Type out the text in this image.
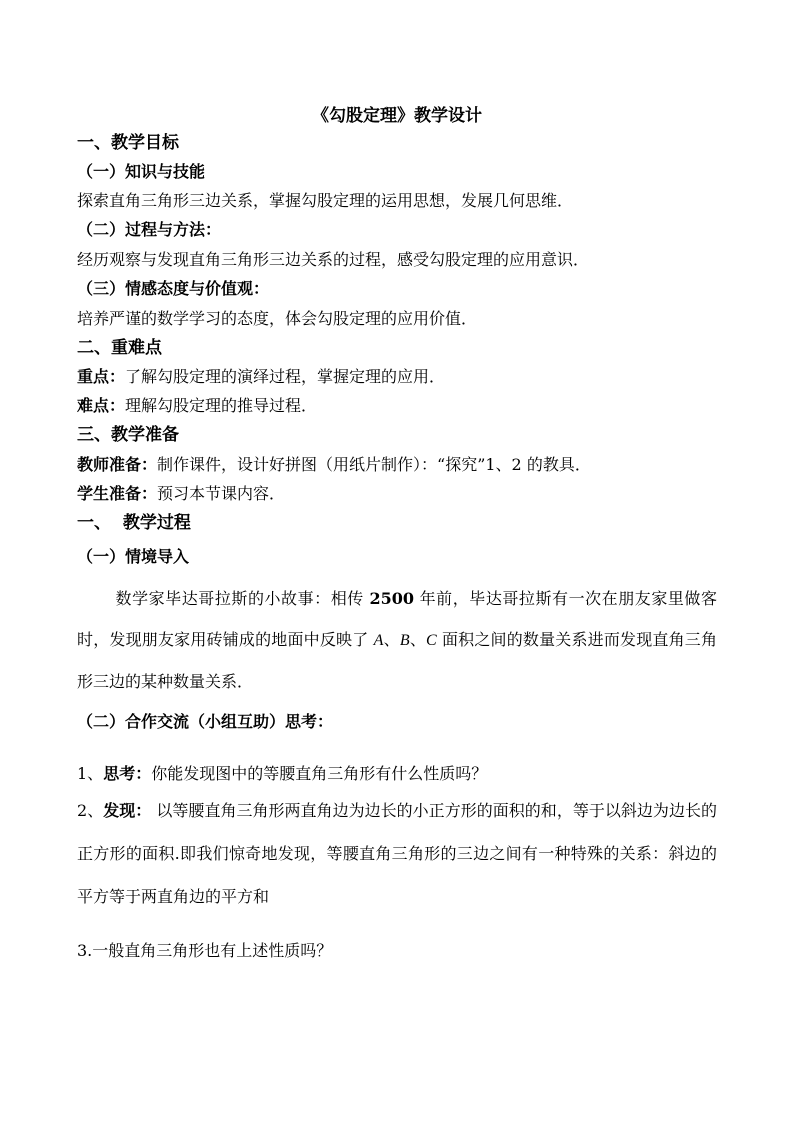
《勾股定理》教学设计
一、教学目标
（一）知识与技能
探索直角三角形三边关系，掌握勾股定理的运用思想，发展几何思维．
（二）过程与方法：
经历观察与发现直角三角形三边关系的过程，感受勾股定理的应用意识．
（三）情感态度与价值观：
培养严谨的数学学习的态度，体会勾股定理的应用价值．
二、重难点
重点：了解勾股定理的演绎过程，掌握定理的应用．
难点：理解勾股定理的推导过程．
三、教学准备
教师准备：制作课件，设计好拼图（用纸片制作）：“探究”1、2 的教具．
学生准备：预习本节课内容．
一、  教学过程
（一）情境导入
数学家毕达哥拉斯的小故事：相传 2500 年前，毕达哥拉斯有一次在朋友家里做客时，发现朋友家用砖铺成的地面中反映了 A、B、C 面积之间的数量关系进而发现直角三角形三边的某种数量关系．
（二）合作交流（小组互助）思考：
1、思考：你能发现图中的等腰直角三角形有什么性质吗？
2、发现： 以等腰直角三角形两直角边为边长的小正方形的面积的和，等于以斜边为边长的正方形的面积.即我们惊奇地发现，等腰直角三角形的三边之间有一种特殊的关系：斜边的平方等于两直角边的平方和
3.一般直角三角形也有上述性质吗？
